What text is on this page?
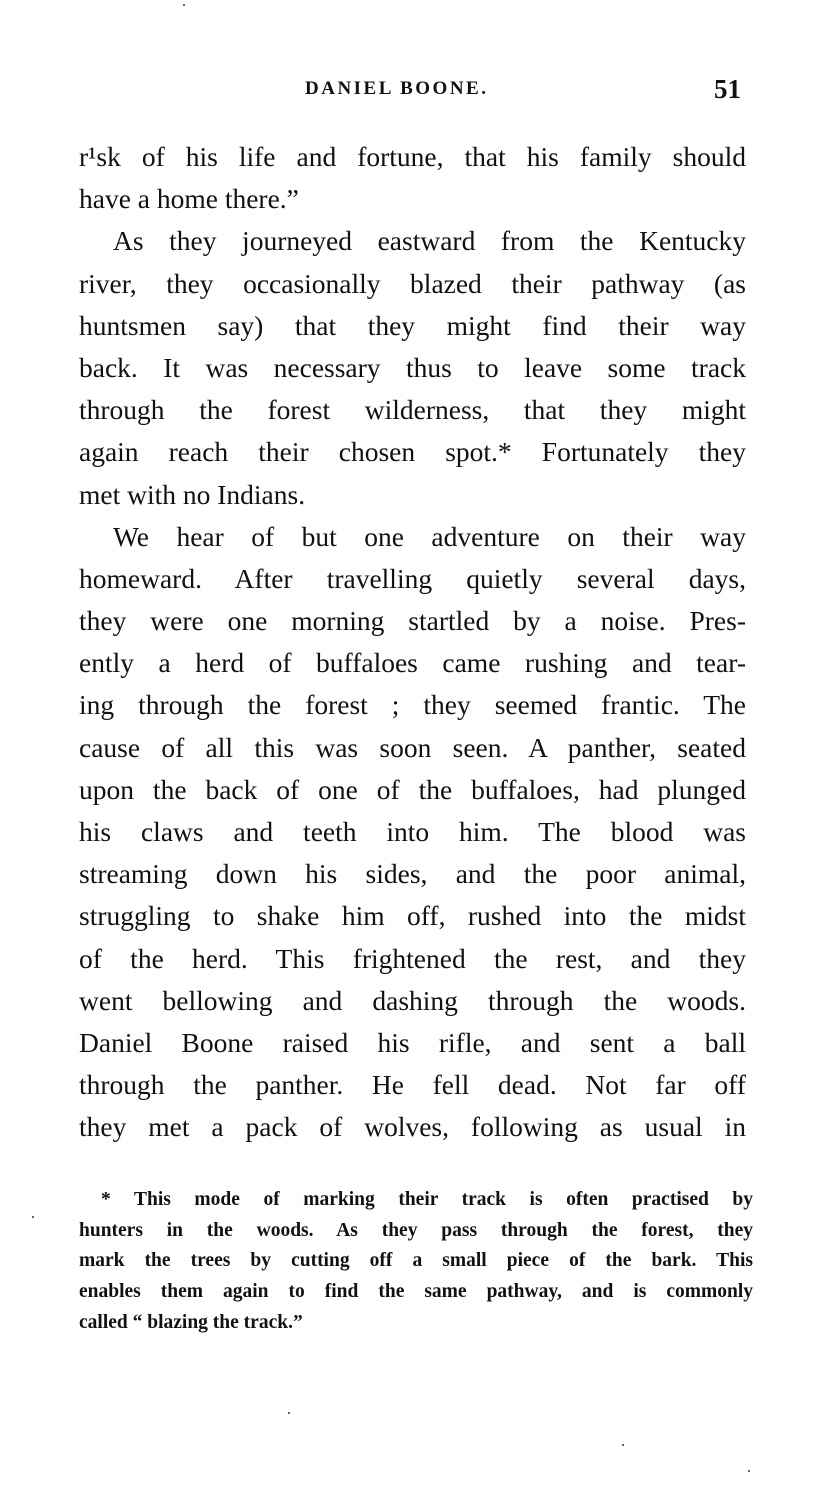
DANIEL BOONE.	51
r¹sk of his life and fortune, that his family should
have a home there.”
As they journeyed eastward from the Kentucky
river, they occasionally blazed their pathway (as
huntsmen say) that they might find their way
back. It was necessary thus to leave some track
through the forest wilderness, that they might
again reach their chosen spot.* Fortunately they
met with no Indians.
We hear of but one adventure on their way
homeward. After travelling quietly several days,
they were one morning startled by a noise. Pres-
ently a herd of buffaloes came rushing and tear-
ing through the forest ; they seemed frantic. The
cause of all this was soon seen. A panther, seated
upon the back of one of the buffaloes, had plunged
his claws and teeth into him. The blood was
streaming down his sides, and the poor animal,
struggling to shake him off, rushed into the midst
of the herd. This frightened the rest, and they
went bellowing and dashing through the woods.
Daniel Boone raised his rifle, and sent a ball
through the panther. He fell dead. Not far off
they met a pack of wolves, following as usual in
* This mode of marking their track is often practised by
hunters in the woods. As they pass through the forest, they
mark the trees by cutting off a small piece of the bark. This
enables them again to find the same pathway, and is commonly
called “ blazing the track.”
